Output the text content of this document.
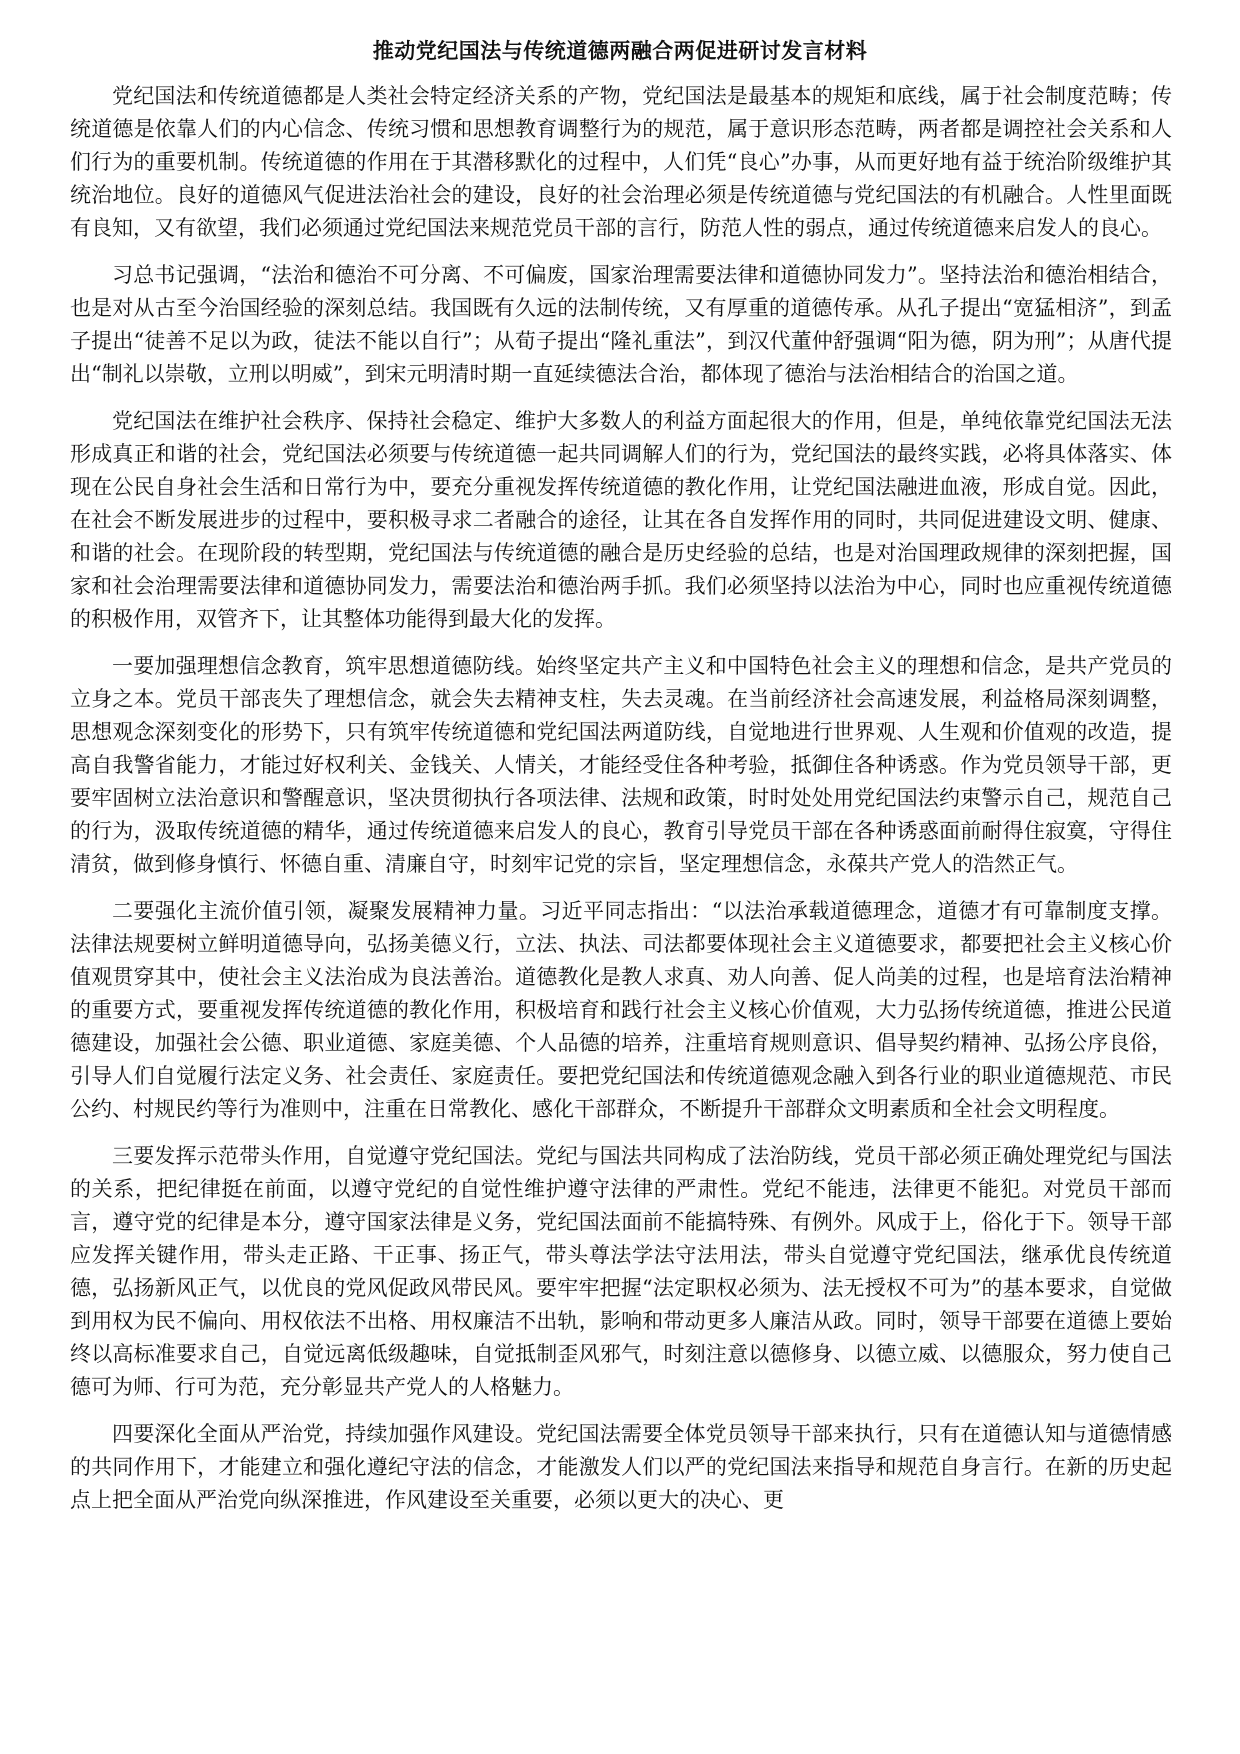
推动党纪国法与传统道德两融合两促进研讨发言材料

党纪国法和传统道德都是人类社会特定经济关系的产物，党纪国法是最基本的规矩和底线，属于社会制度范畴；传统道德是依靠人们的内心信念、传统习惯和思想教育调整行为的规范，属于意识形态范畴，两者都是调控社会关系和人们行为的重要机制。传统道德的作用在于其潜移默化的过程中，人们凭“良心”办事，从而更好地有益于统治阶级维护其统治地位。良好的道德风气促进法治社会的建设，良好的社会治理必须是传统道德与党纪国法的有机融合。人性里面既有良知，又有欲望，我们必须通过党纪国法来规范党员干部的言行，防范人性的弱点，通过传统道德来启发人的良心。

习总书记强调，“法治和德治不可分离、不可偏废，国家治理需要法律和道德协同发力”。坚持法治和德治相结合，也是对从古至今治国经验的深刻总结。我国既有久远的法制传统，又有厚重的道德传承。从孔子提出“宽猛相济”，到孟子提出“徒善不足以为政，徒法不能以自行”；从荀子提出“隆礼重法”，到汉代董仲舒强调“阳为德，阴为刑”；从唐代提出“制礼以崇敬，立刑以明威”，到宋元明清时期一直延续德法合治，都体现了德治与法治相结合的治国之道。

党纪国法在维护社会秩序、保持社会稳定、维护大多数人的利益方面起很大的作用，但是，单纯依靠党纪国法无法形成真正和谐的社会，党纪国法必须要与传统道德一起共同调解人们的行为，党纪国法的最终实践，必将具体落实、体现在公民自身社会生活和日常行为中，要充分重视发挥传统道德的教化作用，让党纪国法融进血液，形成自觉。因此，在社会不断发展进步的过程中，要积极寻求二者融合的途径，让其在各自发挥作用的同时，共同促进建设文明、健康、和谐的社会。在现阶段的转型期，党纪国法与传统道德的融合是历史经验的总结，也是对治国理政规律的深刻把握，国家和社会治理需要法律和道德协同发力，需要法治和德治两手抓。我们必须坚持以法治为中心，同时也应重视传统道德的积极作用，双管齐下，让其整体功能得到最大化的发挥。

一要加强理想信念教育，筑牢思想道德防线。始终坚定共产主义和中国特色社会主义的理想和信念，是共产党员的立身之本。党员干部丧失了理想信念，就会失去精神支柱，失去灵魂。在当前经济社会高速发展，利益格局深刻调整，思想观念深刻变化的形势下，只有筑牢传统道德和党纪国法两道防线，自觉地进行世界观、人生观和价值观的改造，提高自我警省能力，才能过好权利关、金钱关、人情关，才能经受住各种考验，抵御住各种诱惑。作为党员领导干部，更要牢固树立法治意识和警醒意识，坚决贯彻执行各项法律、法规和政策，时时处处用党纪国法约束警示自己，规范自己的行为，汲取传统道德的精华，通过传统道德来启发人的良心，教育引导党员干部在各种诱惑面前耐得住寂寞，守得住清贫，做到修身慎行、怀德自重、清廉自守，时刻牢记党的宗旨，坚定理想信念，永葆共产党人的浩然正气。

二要强化主流价值引领，凝聚发展精神力量。习近平同志指出：“以法治承载道德理念，道德才有可靠制度支撑。法律法规要树立鲜明道德导向，弘扬美德义行，立法、执法、司法都要体现社会主义道德要求，都要把社会主义核心价值观贯穿其中，使社会主义法治成为良法善治。道德教化是教人求真、劝人向善、促人尚美的过程，也是培育法治精神的重要方式，要重视发挥传统道德的教化作用，积极培育和践行社会主义核心价值观，大力弘扬传统道德，推进公民道德建设，加强社会公德、职业道德、家庭美德、个人品德的培养，注重培育规则意识、倡导契约精神、弘扬公序良俗，引导人们自觉履行法定义务、社会责任、家庭责任。要把党纪国法和传统道德观念融入到各行业的职业道德规范、市民公约、村规民约等行为准则中，注重在日常教化、感化干部群众，不断提升干部群众文明素质和全社会文明程度。

三要发挥示范带头作用，自觉遵守党纪国法。党纪与国法共同构成了法治防线，党员干部必须正确处理党纪与国法的关系，把纪律挺在前面，以遵守党纪的自觉性维护遵守法律的严肃性。党纪不能违，法律更不能犯。对党员干部而言，遵守党的纪律是本分，遵守国家法律是义务，党纪国法面前不能搞特殊、有例外。风成于上，俗化于下。领导干部应发挥关键作用，带头走正路、干正事、扬正气，带头尊法学法守法用法，带头自觉遵守党纪国法，继承优良传统道德，弘扬新风正气，以优良的党风促政风带民风。要牢牢把握“法定职权必须为、法无授权不可为”的基本要求，自觉做到用权为民不偏向、用权依法不出格、用权廉洁不出轨，影响和带动更多人廉洁从政。同时，领导干部要在道德上要始终以高标准要求自己，自觉远离低级趣味，自觉抵制歪风邪气，时刻注意以德修身、以德立威、以德服众，努力使自己德可为师、行可为范，充分彰显共产党人的人格魅力。

四要深化全面从严治党，持续加强作风建设。党纪国法需要全体党员领导干部来执行，只有在道德认知与道德情感的共同作用下，才能建立和强化遵纪守法的信念，才能激发人们以严的党纪国法来指导和规范自身言行。在新的历史起点上把全面从严治党向纵深推进，作风建设至关重要，必须以更大的决心、更
